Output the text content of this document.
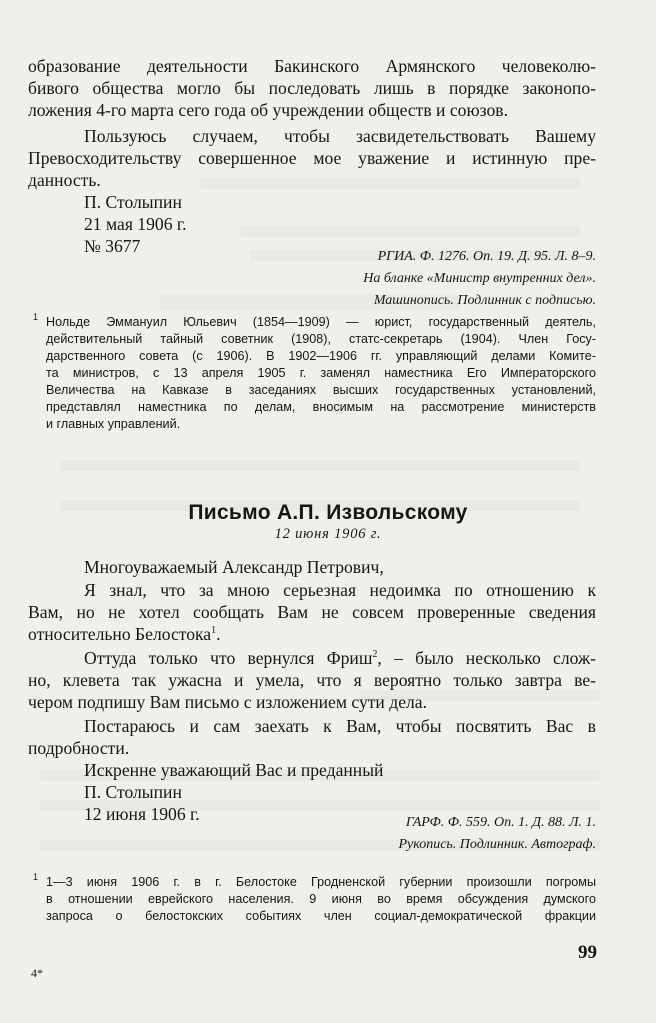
образование деятельности Бакинского Армянского человеколю-
бивого общества могло бы последовать лишь в порядке законопо-
ложения 4-го марта сего года об учреждении обществ и союзов.
Пользуюсь случаем, чтобы засвидетельствовать Вашему
Превосходительству совершенное мое уважение и истинную пре-
данность.
П. Столыпин
21 мая 1906 г.
№ 3677
РГИА. Ф. 1276. Оп. 19. Д. 95. Л. 8–9.
На бланке «Министр внутренних дел».
Машинопись. Подлинник с подписью.
1 Нольде Эммануил Юльевич (1854—1909) — юрист, государственный деятель,
действительный тайный советник (1908), статс-секретарь (1904). Член Госу-
дарственного совета (с 1906). В 1902—1906 гг. управляющий делами Комите-
та министров, с 13 апреля 1905 г. заменял наместника Его Императорского
Величества на Кавказе в заседаниях высших государственных установлений,
представлял наместника по делам, вносимым на рассмотрение министерств
и главных управлений.
Письмо А.П. Извольскому
12 июня 1906 г.
Многоуважаемый Александр Петрович,
Я знал, что за мною серьезная недоимка по отношению к
Вам, но не хотел сообщать Вам не совсем проверенные сведения
относительно Белостока$^1$.
Оттуда только что вернулся Фриш$^2$, – было несколько слож-
но, клевета так ужасна и умела, что я вероятно только завтра ве-
чером подпишу Вам письмо с изложением сути дела.
Постараюсь и сам заехать к Вам, чтобы посвятить Вас в
подробности.
Искренне уважающий Вас и преданный
П. Столыпин
12 июня 1906 г.	ГАРФ. Ф. 559. Оп. 1. Д. 88. Л. 1.
Рукопись. Подлинник. Автограф.
1 1—3 июня 1906 г. в г. Белостоке Гродненской губернии произошли погромы
в отношении еврейского населения. 9 июня во время обсуждения думского
запроса о белостокских событиях член социал-демократической фракции
99
4*
